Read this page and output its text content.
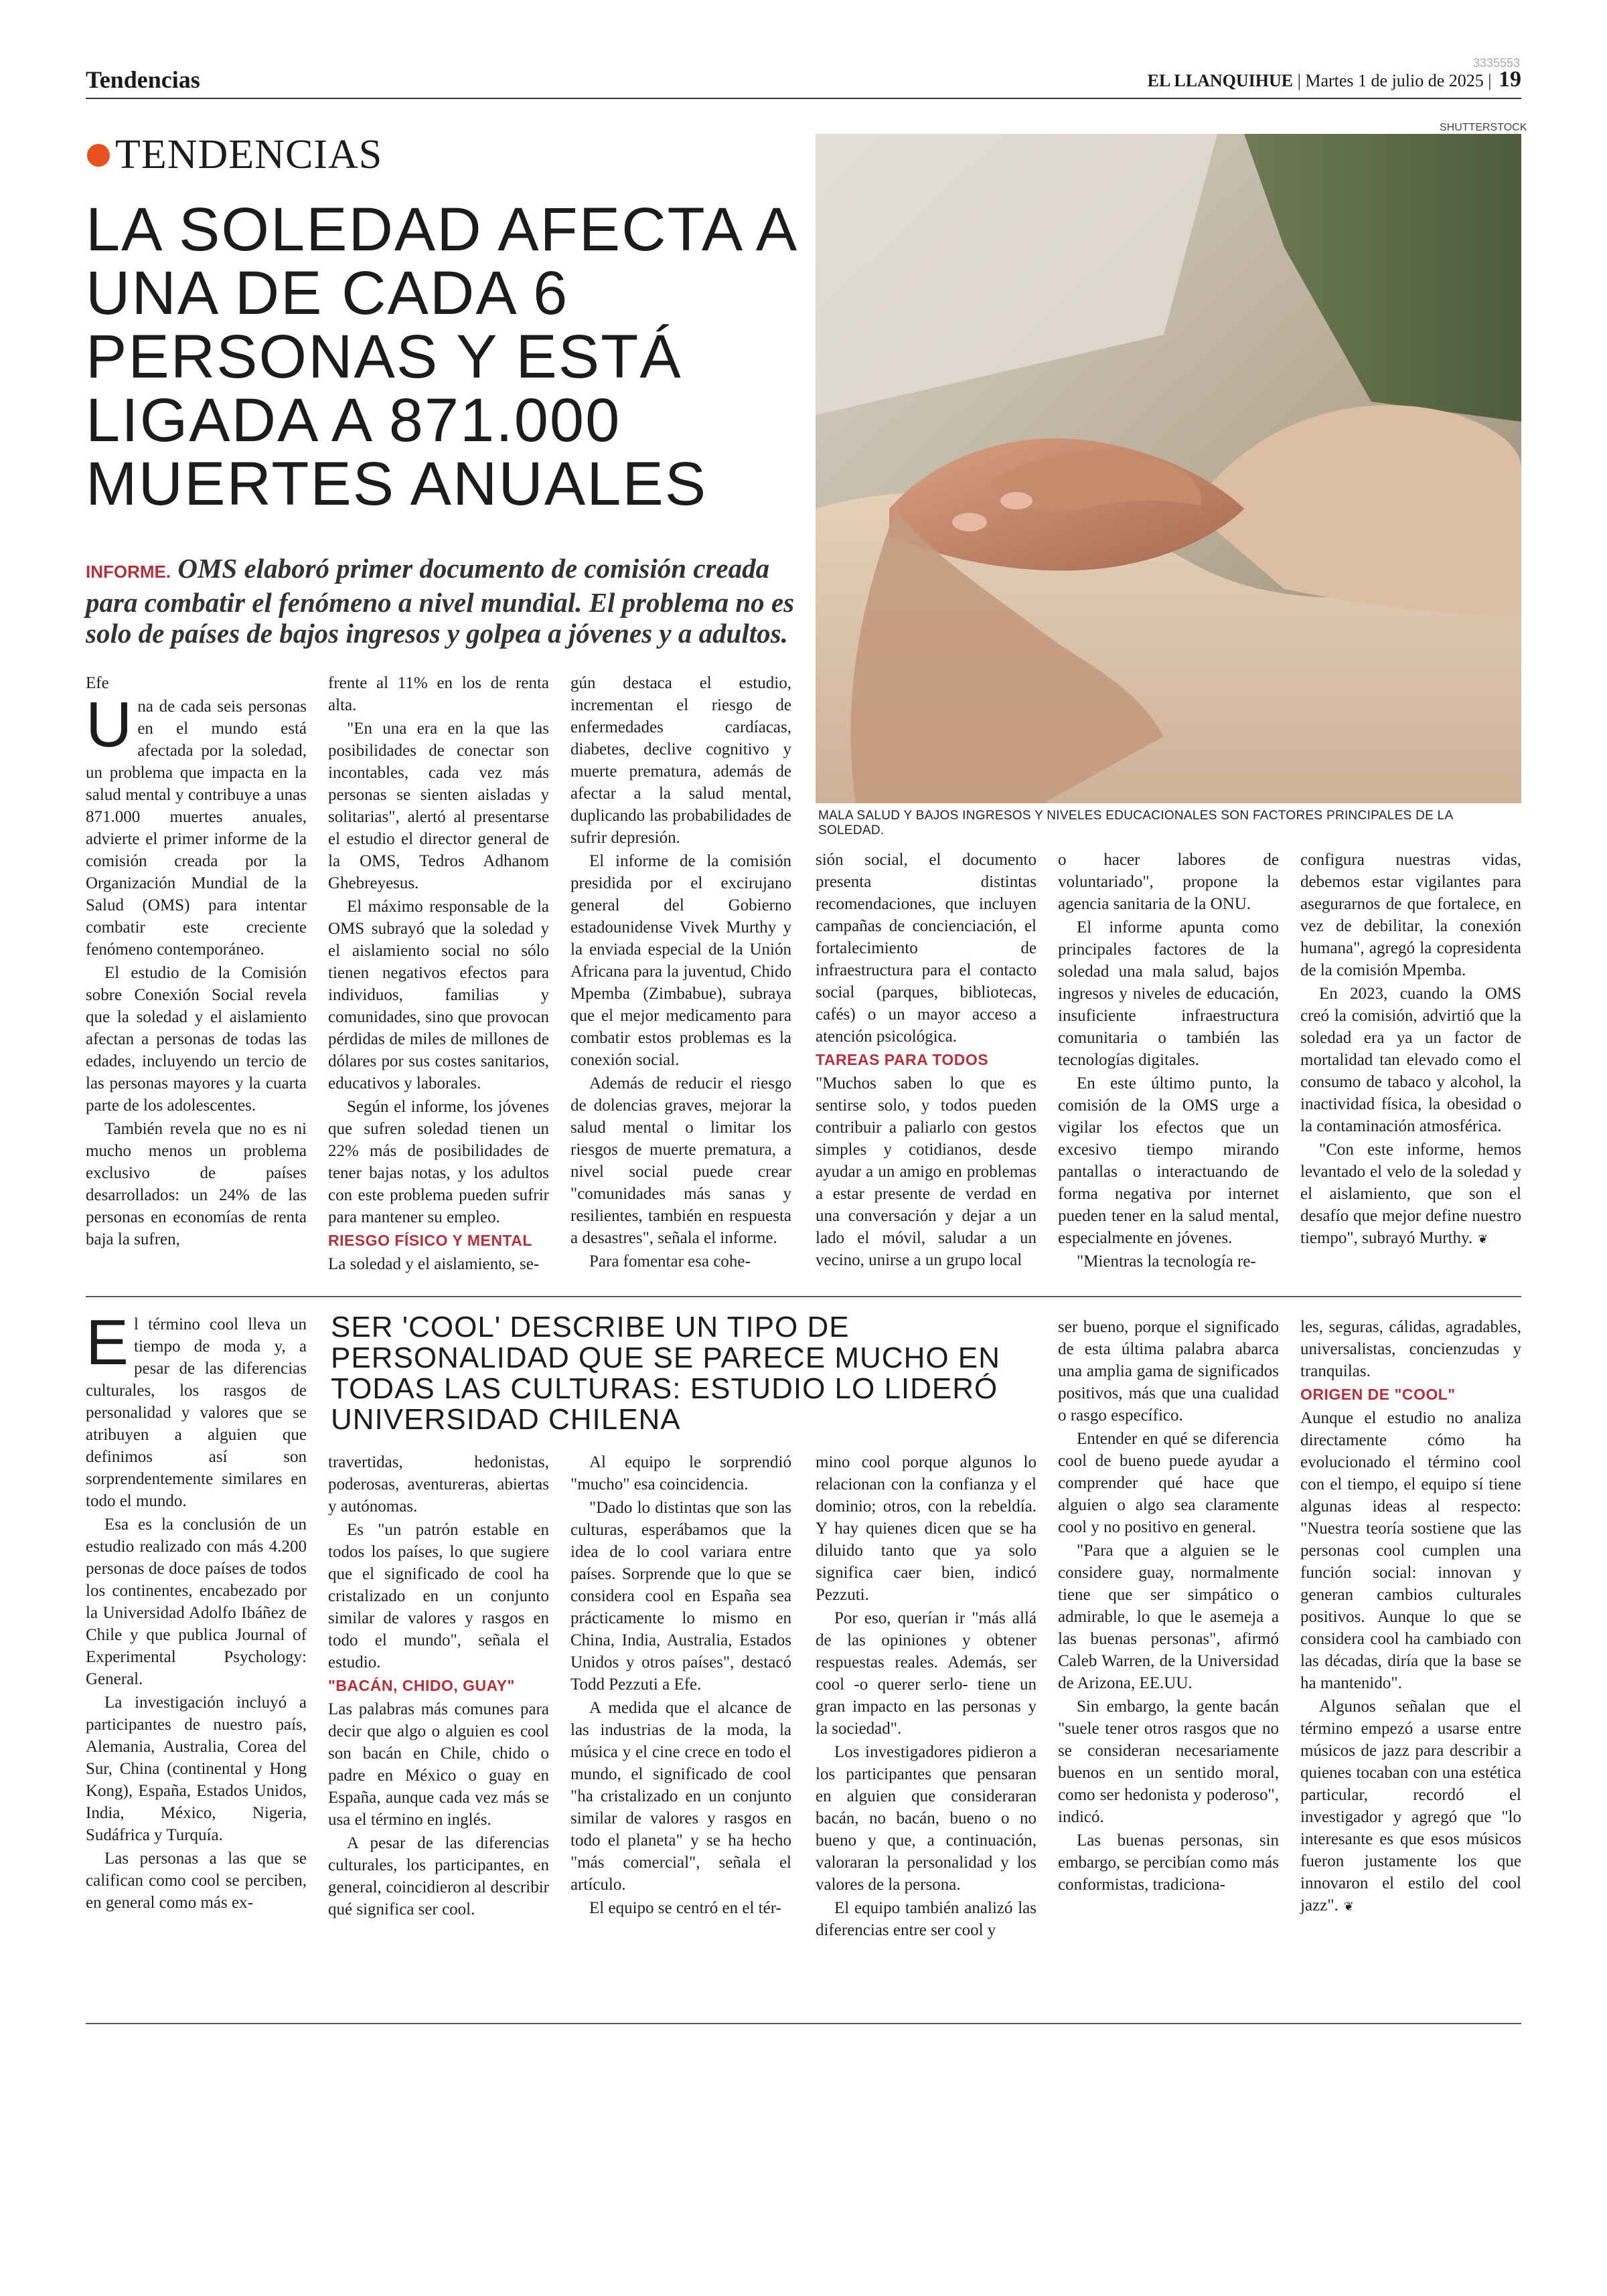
Tendencias
3335553
EL LLANQUIHUE | Martes 1 de julio de 2025 | 19
TENDENCIAS
LA SOLEDAD AFECTA A UNA DE CADA 6 PERSONAS Y ESTÁ LIGADA A 871.000 MUERTES ANUALES
INFORME. OMS elaboró primer documento de comisión creada para combatir el fenómeno a nivel mundial. El problema no es solo de países de bajos ingresos y golpea a jóvenes y a adultos.
SHUTTERSTOCK
MALA SALUD Y BAJOS INGRESOS Y NIVELES EDUCACIONALES SON FACTORES PRINCIPALES DE LA SOLEDAD.

Efe

Una de cada seis personas en el mundo está afectada por la soledad, un problema que impacta en la salud mental y contribuye a unas 871.000 muertes anuales, advierte el primer informe de la comisión creada por la Organización Mundial de la Salud (OMS) para intentar combatir este creciente fenómeno contemporáneo.

El estudio de la Comisión sobre Conexión Social revela que la soledad y el aislamiento afectan a personas de todas las edades, incluyendo un tercio de las personas mayores y la cuarta parte de los adolescentes.

También revela que no es ni mucho menos un problema exclusivo de países desarrollados: un 24% de las personas en economías de renta baja la sufren,

frente al 11% en los de renta alta.

"En una era en la que las posibilidades de conectar son incontables, cada vez más personas se sienten aisladas y solitarias", alertó al presentarse el estudio el director general de la OMS, Tedros Adhanom Ghebreyesus.

El máximo responsable de la OMS subrayó que la soledad y el aislamiento social no sólo tienen negativos efectos para individuos, familias y comunidades, sino que provocan pérdidas de miles de millones de dólares por sus costes sanitarios, educativos y laborales.

Según el informe, los jóvenes que sufren soledad tienen un 22% más de posibilidades de tener bajas notas, y los adultos con este problema pueden sufrir para mantener su empleo.

RIESGO FÍSICO Y MENTAL

La soledad y el aislamiento, se-

gún destaca el estudio, incrementan el riesgo de enfermedades cardíacas, diabetes, declive cognitivo y muerte prematura, además de afectar a la salud mental, duplicando las probabilidades de sufrir depresión.

El informe de la comisión presidida por el excirujano general del Gobierno estadounidense Vivek Murthy y la enviada especial de la Unión Africana para la juventud, Chido Mpemba (Zimbabue), subraya que el mejor medicamento para combatir estos problemas es la conexión social.

Además de reducir el riesgo de dolencias graves, mejorar la salud mental o limitar los riesgos de muerte prematura, a nivel social puede crear "comunidades más sanas y resilientes, también en respuesta a desastres", señala el informe.

Para fomentar esa cohe-

sión social, el documento presenta distintas recomendaciones, que incluyen campañas de concienciación, el fortalecimiento de infraestructura para el contacto social (parques, bibliotecas, cafés) o un mayor acceso a atención psicológica.

TAREAS PARA TODOS

"Muchos saben lo que es sentirse solo, y todos pueden contribuir a paliarlo con gestos simples y cotidianos, desde ayudar a un amigo en problemas a estar presente de verdad en una conversación y dejar a un lado el móvil, saludar a un vecino, unirse a un grupo local

o hacer labores de voluntariado", propone la agencia sanitaria de la ONU.

El informe apunta como principales factores de la soledad una mala salud, bajos ingresos y niveles de educación, insuficiente infraestructura comunitaria o también las tecnologías digitales.

En este último punto, la comisión de la OMS urge a vigilar los efectos que un excesivo tiempo mirando pantallas o interactuando de forma negativa por internet pueden tener en la salud mental, especialmente en jóvenes.

"Mientras la tecnología re-

configura nuestras vidas, debemos estar vigilantes para asegurarnos de que fortalece, en vez de debilitar, la conexión humana", agregó la copresidenta de la comisión Mpemba.

En 2023, cuando la OMS creó la comisión, advirtió que la soledad era ya un factor de mortalidad tan elevado como el consumo de tabaco y alcohol, la inactividad física, la obesidad o la contaminación atmosférica.

"Con este informe, hemos levantado el velo de la soledad y el aislamiento, que son el desafío que mejor define nuestro tiempo", subrayó Murthy. ❦

SER 'COOL' DESCRIBE UN TIPO DE PERSONALIDAD QUE SE PARECE MUCHO EN TODAS LAS CULTURAS: ESTUDIO LO LIDERÓ UNIVERSIDAD CHILENA

El término cool lleva un tiempo de moda y, a pesar de las diferencias culturales, los rasgos de personalidad y valores que se atribuyen a alguien que definimos así son sorprendentemente similares en todo el mundo.

Esa es la conclusión de un estudio realizado con más 4.200 personas de doce países de todos los continentes, encabezado por la Universidad Adolfo Ibáñez de Chile y que publica Journal of Experimental Psychology: General.

La investigación incluyó a participantes de nuestro país, Alemania, Australia, Corea del Sur, China (continental y Hong Kong), España, Estados Unidos, India, México, Nigeria, Sudáfrica y Turquía.

Las personas a las que se califican como cool se perciben, en general como más ex-

travertidas, hedonistas, poderosas, aventureras, abiertas y autónomas.

Es "un patrón estable en todos los países, lo que sugiere que el significado de cool ha cristalizado en un conjunto similar de valores y rasgos en todo el mundo", señala el estudio.

"BACÁN, CHIDO, GUAY"

Las palabras más comunes para decir que algo o alguien es cool son bacán en Chile, chido o padre en México o guay en España, aunque cada vez más se usa el término en inglés.

A pesar de las diferencias culturales, los participantes, en general, coincidieron al describir qué significa ser cool.

Al equipo le sorprendió "mucho" esa coincidencia.

"Dado lo distintas que son las culturas, esperábamos que la idea de lo cool variara entre países. Sorprende que lo que se considera cool en España sea prácticamente lo mismo en China, India, Australia, Estados Unidos y otros países", destacó Todd Pezzuti a Efe.

A medida que el alcance de las industrias de la moda, la música y el cine crece en todo el mundo, el significado de cool "ha cristalizado en un conjunto similar de valores y rasgos en todo el planeta" y se ha hecho "más comercial", señala el artículo.

El equipo se centró en el tér-

mino cool porque algunos lo relacionan con la confianza y el dominio; otros, con la rebeldía. Y hay quienes dicen que se ha diluido tanto que ya solo significa caer bien, indicó Pezzuti.

Por eso, querían ir "más allá de las opiniones y obtener respuestas reales. Además, ser cool -o querer serlo- tiene un gran impacto en las personas y la sociedad".

Los investigadores pidieron a los participantes que pensaran en alguien que consideraran bacán, no bacán, bueno o no bueno y que, a continuación, valoraran la personalidad y los valores de la persona.

El equipo también analizó las diferencias entre ser cool y

ser bueno, porque el significado de esta última palabra abarca una amplia gama de significados positivos, más que una cualidad o rasgo específico.

Entender en qué se diferencia cool de bueno puede ayudar a comprender qué hace que alguien o algo sea claramente cool y no positivo en general.

"Para que a alguien se le considere guay, normalmente tiene que ser simpático o admirable, lo que le asemeja a las buenas personas", afirmó Caleb Warren, de la Universidad de Arizona, EE.UU.

Sin embargo, la gente bacán "suele tener otros rasgos que no se consideran necesariamente buenos en un sentido moral, como ser hedonista y poderoso", indicó.

Las buenas personas, sin embargo, se percibían como más conformistas, tradiciona-

les, seguras, cálidas, agradables, universalistas, concienzudas y tranquilas.

ORIGEN DE "COOL"

Aunque el estudio no analiza directamente cómo ha evolucionado el término cool con el tiempo, el equipo sí tiene algunas ideas al respecto: "Nuestra teoría sostiene que las personas cool cumplen una función social: innovan y generan cambios culturales positivos. Aunque lo que se considera cool ha cambiado con las décadas, diría que la base se ha mantenido".

Algunos señalan que el término empezó a usarse entre músicos de jazz para describir a quienes tocaban con una estética particular, recordó el investigador y agregó que "lo interesante es que esos músicos fueron justamente los que innovaron el estilo del cool jazz". ❦
